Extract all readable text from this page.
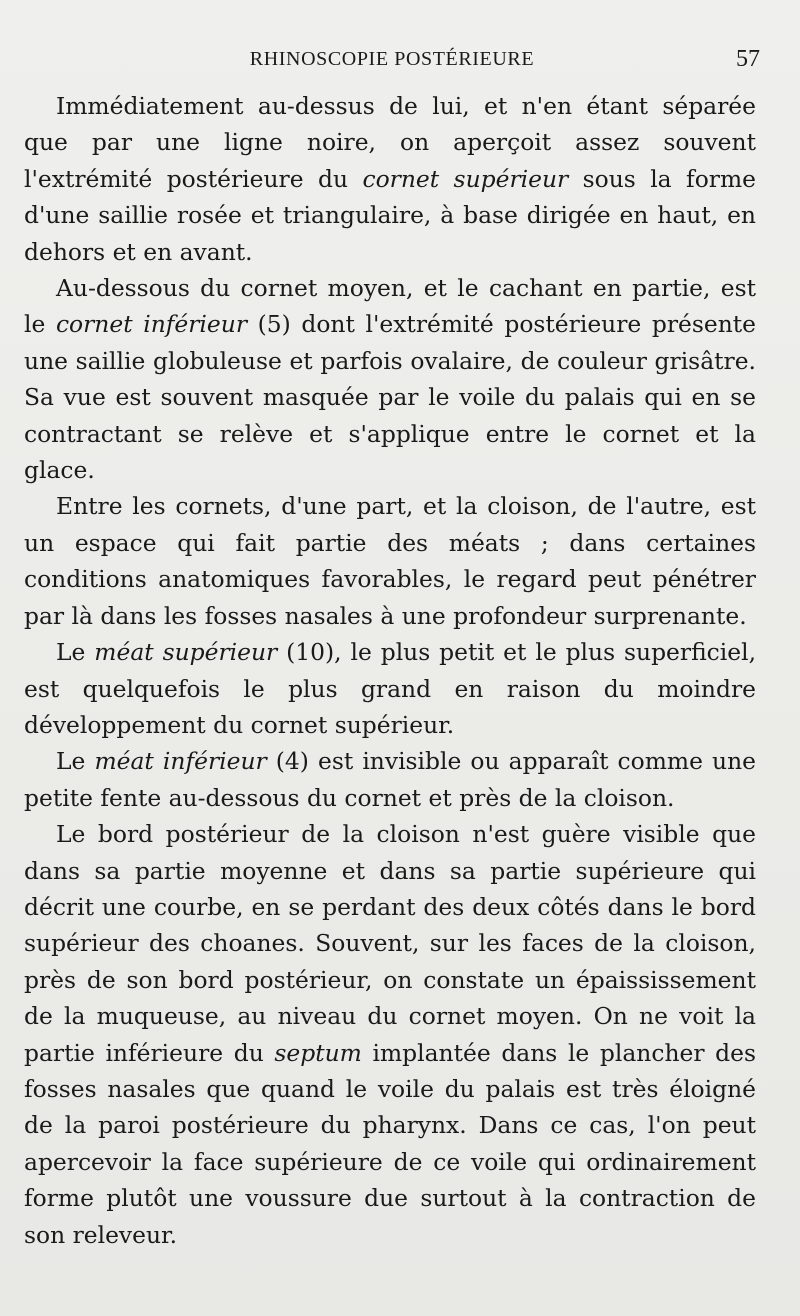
RHINOSCOPIE POSTÉRIEURE	57

Immédiatement au-dessus de lui, et n'en étant séparée que par une ligne noire, on aperçoit assez souvent l'extrémité postérieure du cornet supérieur sous la forme d'une saillie rosée et triangulaire, à base dirigée en haut, en dehors et en avant.

Au-dessous du cornet moyen, et le cachant en partie, est le cornet inférieur (5) dont l'extrémité postérieure présente une saillie globuleuse et parfois ovalaire, de couleur grisâtre. Sa vue est souvent masquée par le voile du palais qui en se contractant se relève et s'applique entre le cornet et la glace.

Entre les cornets, d'une part, et la cloison, de l'autre, est un espace qui fait partie des méats ; dans certaines conditions anatomiques favorables, le regard peut pénétrer par là dans les fosses nasales à une profondeur surprenante.

Le méat supérieur (10), le plus petit et le plus superficiel, est quelquefois le plus grand en raison du moindre développement du cornet supérieur.

Le méat inférieur (4) est invisible ou apparaît comme une petite fente au-dessous du cornet et près de la cloison.

Le bord postérieur de la cloison n'est guère visible que dans sa partie moyenne et dans sa partie supérieure qui décrit une courbe, en se perdant des deux côtés dans le bord supérieur des choanes. Souvent, sur les faces de la cloison, près de son bord postérieur, on constate un épaississement de la muqueuse, au niveau du cornet moyen. On ne voit la partie inférieure du septum implantée dans le plancher des fosses nasales que quand le voile du palais est très éloigné de la paroi postérieure du pharynx. Dans ce cas, l'on peut apercevoir la face supérieure de ce voile qui ordinairement forme plutôt une voussure due surtout à la contraction de son releveur.
